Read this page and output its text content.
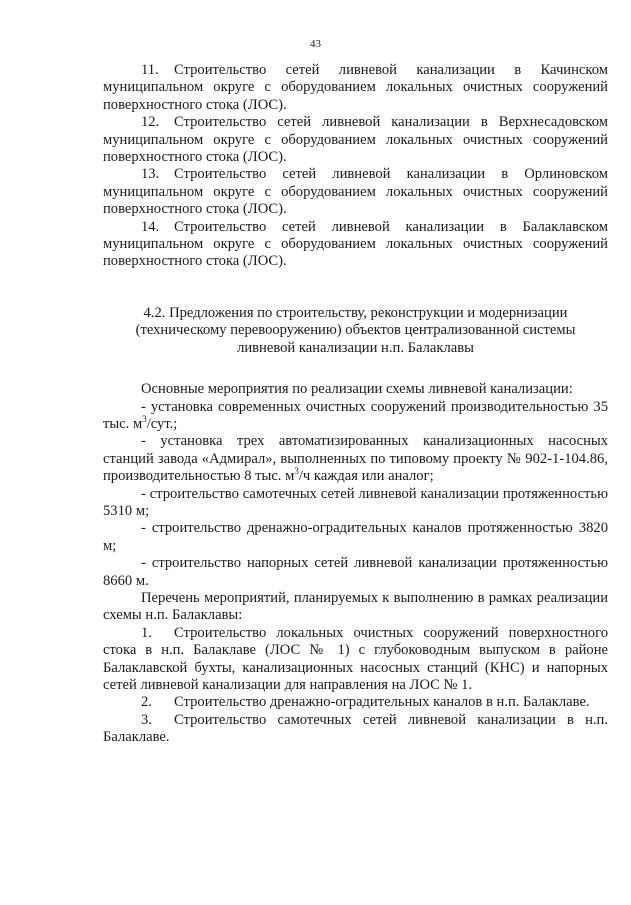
43

11. Строительство сетей ливневой канализации в Качинском муниципальном округе с оборудованием локальных очистных сооружений поверхностного стока (ЛОС).

12. Строительство сетей ливневой канализации в Верхнесадовском муниципальном округе с оборудованием локальных очистных сооружений поверхностного стока (ЛОС).

13. Строительство сетей ливневой канализации в Орлиновском муниципальном округе с оборудованием локальных очистных сооружений поверхностного стока (ЛОС).

14. Строительство сетей ливневой канализации в Балаклавском муниципальном округе с оборудованием локальных очистных сооружений поверхностного стока (ЛОС).

4.2. Предложения по строительству, реконструкции и модернизации
(техническому перевооружению) объектов централизованной системы
ливневой канализации н.п. Балаклавы

Основные мероприятия по реализации схемы ливневой канализации:

- установка современных очистных сооружений производительностью 35 тыс. $м^3$/сут.;

- установка трех автоматизированных канализационных насосных станций завода «Адмирал», выполненных по типовому проекту № 902-1-104.86, производительностью 8 тыс. $м^3/ч$ каждая или аналог;

- строительство самотечных сетей ливневой канализации протяженностью 5310 м;

- строительство дренажно-оградительных каналов протяженностью 3820 м;

- строительство напорных сетей ливневой канализации протяженностью 8660 м.

Перечень мероприятий, планируемых к выполнению в рамках реализации схемы н.п. Балаклавы:

1. Строительство локальных очистных сооружений поверхностного стока в н.п. Балаклаве (ЛОС № 1) с глубоководным выпуском в районе Балаклавской бухты, канализационных насосных станций (КНС) и напорных сетей ливневой канализации для направления на ЛОС № 1.

2. Строительство дренажно-оградительных каналов в н.п. Балаклаве.

3. Строительство самотечных сетей ливневой канализации в н.п. Балаклаве.
